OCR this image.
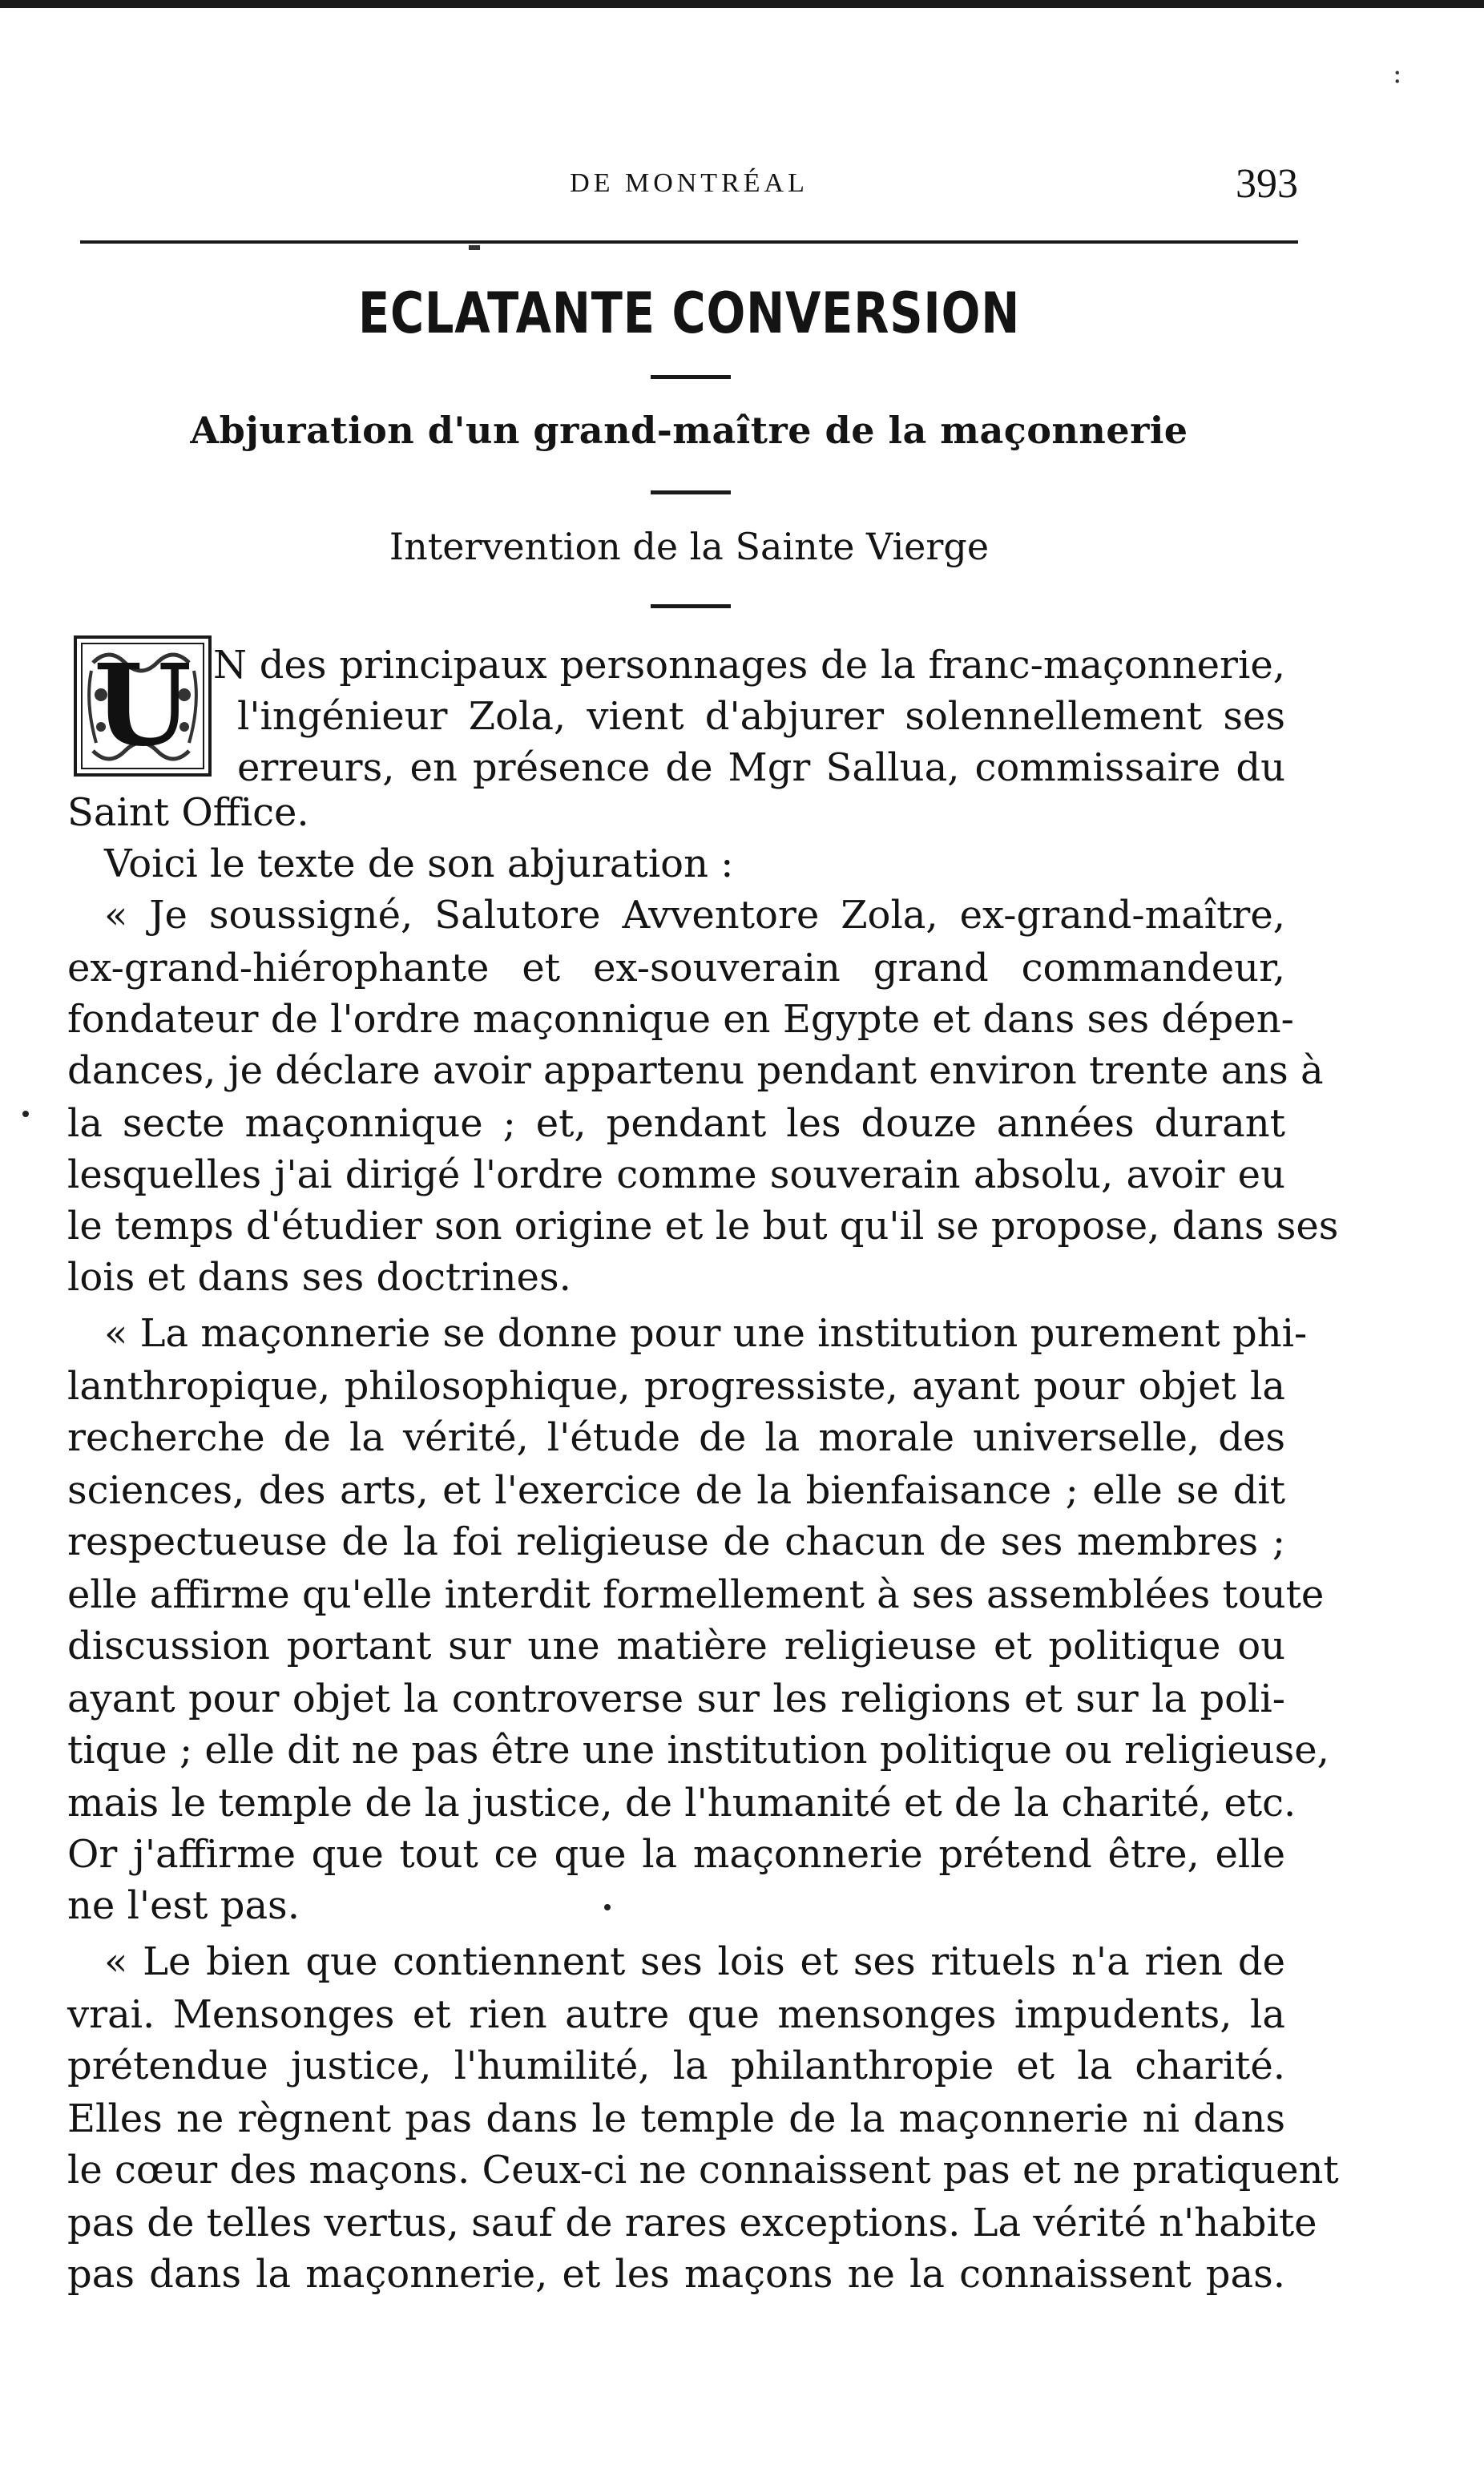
:
DE MONTRÉAL	393
ECLATANTE CONVERSION
Abjuration d'un grand-maître de la maçonnerie
Intervention de la Sainte Vierge
U N des principaux personnages de la franc-maçonnerie,
l'ingénieur Zola, vient d'abjurer solennellement ses
erreurs, en présence de Mgr Sallua, commissaire du
Saint Office.
Voici le texte de son abjuration :
« Je soussigné, Salutore Avventore Zola, ex-grand-maître,
ex-grand-hiérophante et ex-souverain grand commandeur,
fondateur de l'ordre maçonnique en Egypte et dans ses dépen-
dances, je déclare avoir appartenu pendant environ trente ans à
la secte maçonnique ; et, pendant les douze années durant
lesquelles j'ai dirigé l'ordre comme souverain absolu, avoir eu
le temps d'étudier son origine et le but qu'il se propose, dans ses
lois et dans ses doctrines.
« La maçonnerie se donne pour une institution purement phi-
lanthropique, philosophique, progressiste, ayant pour objet la
recherche de la vérité, l'étude de la morale universelle, des
sciences, des arts, et l'exercice de la bienfaisance ; elle se dit
respectueuse de la foi religieuse de chacun de ses membres ;
elle affirme qu'elle interdit formellement à ses assemblées toute
discussion portant sur une matière religieuse et politique ou
ayant pour objet la controverse sur les religions et sur la poli-
tique ; elle dit ne pas être une institution politique ou religieuse,
mais le temple de la justice, de l'humanité et de la charité, etc.
Or j'affirme que tout ce que la maçonnerie prétend être, elle
ne l'est pas.
« Le bien que contiennent ses lois et ses rituels n'a rien de
vrai. Mensonges et rien autre que mensonges impudents, la
prétendue justice, l'humilité, la philanthropie et la charité.
Elles ne règnent pas dans le temple de la maçonnerie ni dans
le cœur des maçons. Ceux-ci ne connaissent pas et ne pratiquent
pas de telles vertus, sauf de rares exceptions. La vérité n'habite
pas dans la maçonnerie, et les maçons ne la connaissent pas.
